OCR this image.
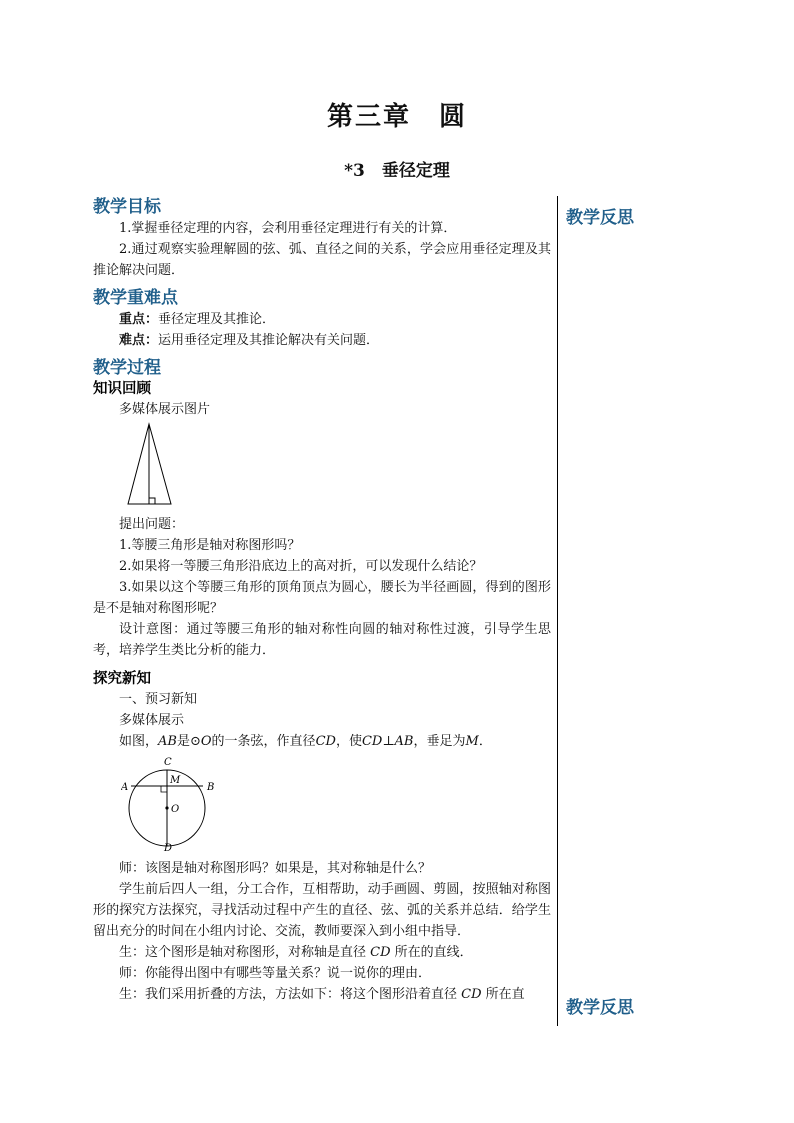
第三章　圆
*3　垂径定理
教学反思
教学反思
教学目标

1.掌握垂径定理的内容，会利用垂径定理进行有关的计算．

2.通过观察实验理解圆的弦、弧、直径之间的关系，学会应用垂径定理及其推论解决问题．

教学重难点

重点：垂径定理及其推论．

难点：运用垂径定理及其推论解决有关问题．

教学过程
知识回顾

多媒体展示图片

提出问题：

1.等腰三角形是轴对称图形吗？

2.如果将一等腰三角形沿底边上的高对折，可以发现什么结论？

3.如果以这个等腰三角形的顶角顶点为圆心，腰长为半径画圆，得到的图形是不是轴对称图形呢？

设计意图：通过等腰三角形的轴对称性向圆的轴对称性过渡，引导学生思考，培养学生类比分析的能力．

探究新知

一、预习新知

多媒体展示

如图，AB是⊙O的一条弦，作直径CD，使CD⊥AB，垂足为M．

C
A	B
M
O
D

师：该图是轴对称图形吗？如果是，其对称轴是什么？

学生前后四人一组，分工合作，互相帮助，动手画圆、剪圆，按照轴对称图形的探究方法探究，寻找活动过程中产生的直径、弦、弧的关系并总结．给学生留出充分的时间在小组内讨论、交流，教师要深入到小组中指导．

生：这个图形是轴对称图形，对称轴是直径 CD 所在的直线．

师：你能得出图中有哪些等量关系？说一说你的理由．

生：我们采用折叠的方法，方法如下：将这个图形沿着直径 CD 所在直
